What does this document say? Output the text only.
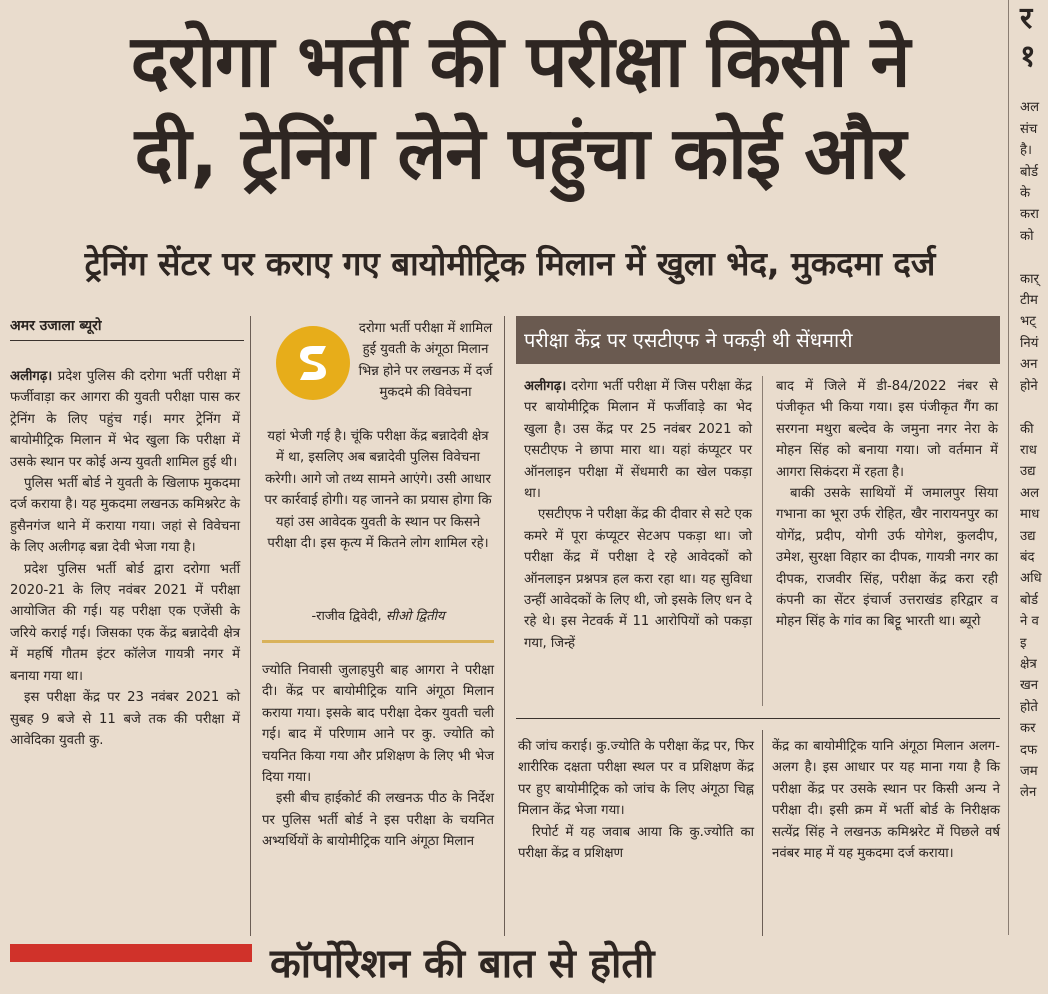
दरोगा भर्ती की परीक्षा किसी ने
दी, ट्रेनिंग लेने पहुंचा कोई और
ट्रेनिंग सेंटर पर कराए गए बायोमीट्रिक मिलान में खुला भेद, मुकदमा दर्ज
अमर उजाला ब्यूरो

अलीगढ़। प्रदेश पुलिस की दरोगा भर्ती परीक्षा में फर्जीवाड़ा कर आगरा की युवती परीक्षा पास कर ट्रेनिंग के लिए पहुंच गई। मगर ट्रेनिंग में बायोमीट्रिक मिलान में भेद खुला कि परीक्षा में उसके स्थान पर कोई अन्य युवती शामिल हुई थी।

पुलिस भर्ती बोर्ड ने युवती के खिलाफ मुकदमा दर्ज कराया है। यह मुकदमा लखनऊ कमिश्नरेट के हुसैनगंज थाने में कराया गया। जहां से विवेचना के लिए अलीगढ़ बन्ना देवी भेजा गया है।

प्रदेश पुलिस भर्ती बोर्ड द्वारा दरोगा भर्ती 2020-21 के लिए नवंबर 2021 में परीक्षा आयोजित की गई। यह परीक्षा एक एजेंसी के जरिये कराई गई। जिसका एक केंद्र बन्नादेवी क्षेत्र में महर्षि गौतम इंटर कॉलेज गायत्री नगर में बनाया गया था।

इस परीक्षा केंद्र पर 23 नवंबर 2021 को सुबह 9 बजे से 11 बजे तक की परीक्षा में आवेदिका युवती कु.

दरोगा भर्ती परीक्षा में शामिल हुई युवती के अंगूठा मिलान भिन्न होने पर लखनऊ में दर्ज मुकदमे की विवेचना
यहां भेजी गई है। चूंकि परीक्षा केंद्र बन्नादेवी क्षेत्र में था, इसलिए अब बन्नादेवी पुलिस विवेचना करेगी। आगे जो तथ्य सामने आएंगे। उसी आधार पर कार्रवाई होगी। यह जानने का प्रयास होगा कि यहां उस आवेदक युवती के स्थान पर किसने परीक्षा दी। इस कृत्य में कितने लोग शामिल रहे।
-राजीव द्विवेदी, सीओ द्वितीय

ज्योति निवासी जुलाहपुरी बाह आगरा ने परीक्षा दी। केंद्र पर बायोमीट्रिक यानि अंगूठा मिलान कराया गया। इसके बाद परीक्षा देकर युवती चली गई। बाद में परिणाम आने पर कु. ज्योति को चयनित किया गया और प्रशिक्षण के लिए भी भेज दिया गया।

इसी बीच हाईकोर्ट की लखनऊ पीठ के निर्देश पर पुलिस भर्ती बोर्ड ने इस परीक्षा के चयनित अभ्यर्थियों के बायोमीट्रिक यानि अंगूठा मिलान

परीक्षा केंद्र पर एसटीएफ ने पकड़ी थी सेंधमारी

अलीगढ़। दरोगा भर्ती परीक्षा में जिस परीक्षा केंद्र पर बायोमीट्रिक मिलान में फर्जीवाड़े का भेद खुला है। उस केंद्र पर 25 नवंबर 2021 को एसटीएफ ने छापा मारा था। यहां कंप्यूटर पर ऑनलाइन परीक्षा में सेंधमारी का खेल पकड़ा था।

एसटीएफ ने परीक्षा केंद्र की दीवार से सटे एक कमरे में पूरा कंप्यूटर सेटअप पकड़ा था। जो परीक्षा केंद्र में परीक्षा दे रहे आवेदकों को ऑनलाइन प्रश्नपत्र हल करा रहा था। यह सुविधा उन्हीं आवेदकों के लिए थी, जो इसके लिए धन दे रहे थे। इस नेटवर्क में 11 आरोपियों को पकड़ा गया, जिन्हें

बाद में जिले में डी-84/2022 नंबर से पंजीकृत भी किया गया। इस पंजीकृत गैंग का सरगना मथुरा बल्देव के जमुना नगर नेरा के मोहन सिंह को बनाया गया। जो वर्तमान में आगरा सिकंदरा में रहता है।

बाकी उसके साथियों में जमालपुर सिया गभाना का भूरा उर्फ रोहित, खैर नारायनपुर का योगेंद्र, प्रदीप, योगी उर्फ योगेश, कुलदीप, उमेश, सुरक्षा विहार का दीपक, गायत्री नगर का दीपक, राजवीर सिंह, परीक्षा केंद्र करा रही कंपनी का सेंटर इंचार्ज उत्तराखंड हरिद्वार व मोहन सिंह के गांव का बिट्टू भारती था। ब्यूरो

की जांच कराई। कु.ज्योति के परीक्षा केंद्र पर, फिर शारीरिक दक्षता परीक्षा स्थल पर व प्रशिक्षण केंद्र पर हुए बायोमीट्रिक को जांच के लिए अंगूठा चिह्न मिलान केंद्र भेजा गया।

रिपोर्ट में यह जवाब आया कि कु.ज्योति का परीक्षा केंद्र व प्रशिक्षण

केंद्र का बायोमीट्रिक यानि अंगूठा मिलान अलग-अलग है। इस आधार पर यह माना गया है कि परीक्षा केंद्र पर उसके स्थान पर किसी अन्य ने परीक्षा दी। इसी क्रम में भर्ती बोर्ड के निरीक्षक सत्येंद्र सिंह ने लखनऊ कमिश्नरेट में पिछले वर्ष नवंबर माह में यह मुकदमा दर्ज कराया।

र
१

अल
संच
है।
बोर्ड
के
करा
को

कार्
टीम
भट्
नियं
अन
होने

की
राध
उद्य
अल
माध
उद्य
बंद
अधि
बोर्ड
ने व
इ
क्षेत्र
खन
होते
कर
दफ
जम
लेन
कॉर्पोरेशन की बात से होती
